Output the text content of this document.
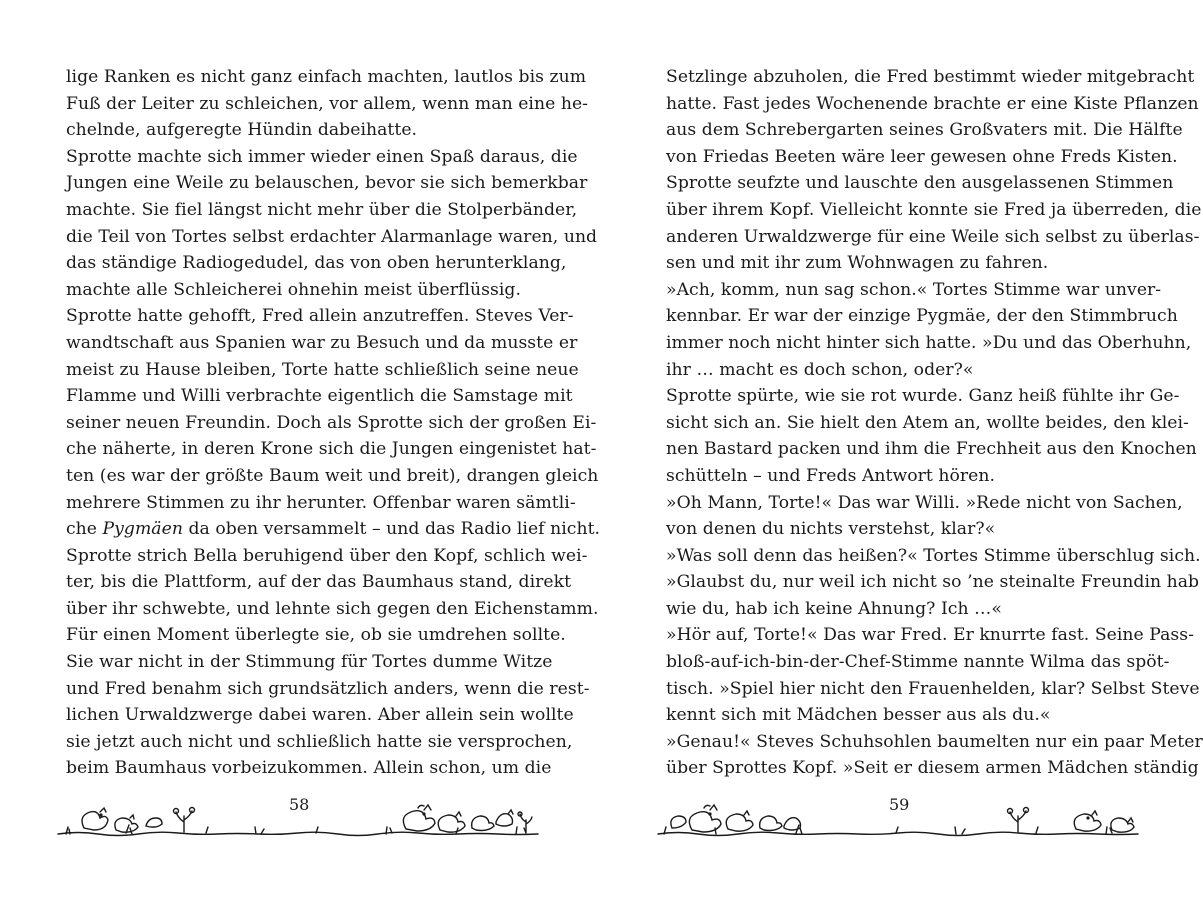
lige Ranken es nicht ganz einfach machten, lautlos bis zum
Fuß der Leiter zu schleichen, vor allem, wenn man eine he-
chelnde, aufgeregte Hündin dabeihatte.
Sprotte machte sich immer wieder einen Spaß daraus, die
Jungen eine Weile zu belauschen, bevor sie sich bemerkbar
machte. Sie fiel längst nicht mehr über die Stolperbänder,
die Teil von Tortes selbst erdachter Alarmanlage waren, und
das ständige Radiogedudel, das von oben herunterklang,
machte alle Schleicherei ohnehin meist überflüssig.
Sprotte hatte gehofft, Fred allein anzutreffen. Steves Ver-
wandtschaft aus Spanien war zu Besuch und da musste er
meist zu Hause bleiben, Torte hatte schließlich seine neue
Flamme und Willi verbrachte eigentlich die Samstage mit
seiner neuen Freundin. Doch als Sprotte sich der großen Ei-
che näherte, in deren Krone sich die Jungen eingenistet hat-
ten (es war der größte Baum weit und breit), drangen gleich
mehrere Stimmen zu ihr herunter. Offenbar waren sämtli-
che Pygmäen da oben versammelt – und das Radio lief nicht.
Sprotte strich Bella beruhigend über den Kopf, schlich wei-
ter, bis die Plattform, auf der das Baumhaus stand, direkt
über ihr schwebte, und lehnte sich gegen den Eichenstamm.
Für einen Moment überlegte sie, ob sie umdrehen sollte.
Sie war nicht in der Stimmung für Tortes dumme Witze
und Fred benahm sich grundsätzlich anders, wenn die rest-
lichen Urwaldzwerge dabei waren. Aber allein sein wollte
sie jetzt auch nicht und schließlich hatte sie versprochen,
beim Baumhaus vorbeizukommen. Allein schon, um die
Setzlinge abzuholen, die Fred bestimmt wieder mitgebracht
hatte. Fast jedes Wochenende brachte er eine Kiste Pflanzen
aus dem Schrebergarten seines Großvaters mit. Die Hälfte
von Friedas Beeten wäre leer gewesen ohne Freds Kisten.
Sprotte seufzte und lauschte den ausgelassenen Stimmen
über ihrem Kopf. Vielleicht konnte sie Fred ja überreden, die
anderen Urwaldzwerge für eine Weile sich selbst zu überlas-
sen und mit ihr zum Wohnwagen zu fahren.
»Ach, komm, nun sag schon.« Tortes Stimme war unver-
kennbar. Er war der einzige Pygmäe, der den Stimmbruch
immer noch nicht hinter sich hatte. »Du und das Oberhuhn,
ihr … macht es doch schon, oder?«
Sprotte spürte, wie sie rot wurde. Ganz heiß fühlte ihr Ge-
sicht sich an. Sie hielt den Atem an, wollte beides, den klei-
nen Bastard packen und ihm die Frechheit aus den Knochen
schütteln – und Freds Antwort hören.
»Oh Mann, Torte!« Das war Willi. »Rede nicht von Sachen,
von denen du nichts verstehst, klar?«
»Was soll denn das heißen?« Tortes Stimme überschlug sich.
»Glaubst du, nur weil ich nicht so ’ne steinalte Freundin hab
wie du, hab ich keine Ahnung? Ich …«
»Hör auf, Torte!« Das war Fred. Er knurrte fast. Seine Pass-
bloß-auf-ich-bin-der-Chef-Stimme nannte Wilma das spöt-
tisch. »Spiel hier nicht den Frauenhelden, klar? Selbst Steve
kennt sich mit Mädchen besser aus als du.«
»Genau!« Steves Schuhsohlen baumelten nur ein paar Meter
über Sprottes Kopf. »Seit er diesem armen Mädchen ständig
58	59
